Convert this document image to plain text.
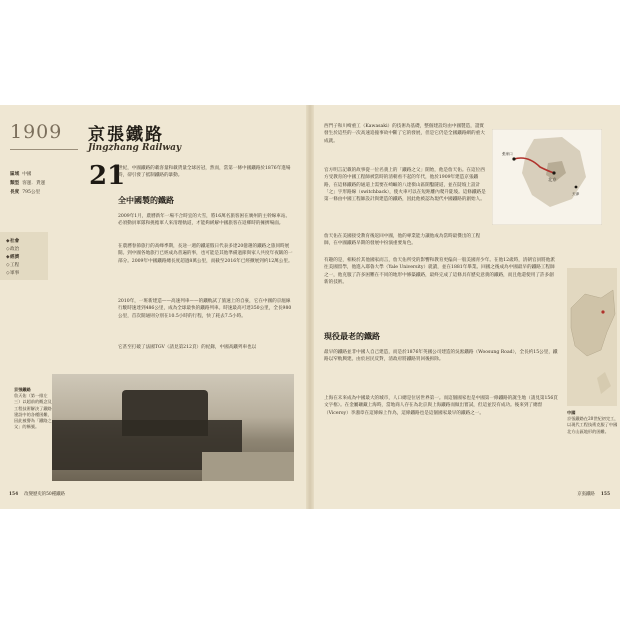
1909 京張鐵路
Jingzhang Railway
區域 中國
類型 客運．貨運
長度 795公里
◆社會
◇政治
◆經濟
◇工程
◇軍事
21
世紀，中國鐵路的載客量和載貨量全球居冠，然而，當第一條中國鐵路於1876年進場時，卻引發了抵制鐵路的暴動。
全中國製的鐵路
2009年1月，農曆新年一場不合時宜的大雪，將16萬名旅客困在廣州的主幹線車站。必須動員軍隊和挑擔軍人來清理軌道，才能夠緩解中國旅客在返鄉時的擁擠場面。
在農曆春節旅行的高峰季期，長途一週的鐵道假日代表多達20億趟的鐵路之旅同時展開。到中國各地旅行已經成為普遍的事，也可能是其他準備過節與家人共度年夜飯的一部分。2009年中國鐵路總長度超過8萬公里，而截至2016年已經擴展到約12萬公里。
2010年，一班新建造——高速列車——的鐵軌試了旅速上的自豪，它在中國的京滬線行駛時速達到486公里，成為全球最快的鐵路列車。時速最高可達350公里，全長980公里，首次開通則分別在10.5小時的行程，快了耗去7.5小時。
它甚至打破了法國TGV（請見第212頁）的紀錄，中國高鐵列車也以
京張鐵路
詹天佑（第一排左三）以超前的概念及工程技術解決了鐵路建設中的各種困難，因此被譽為「鐵路之父」的稱號。
154 改變歷史的50種鐵路
西門子和川崎重工（Kawasaki）的技術為基礎，整個建設均由中國製造，證實發生於這些的一次高速追撞事故中斷了它的發展，但是它仍是全國鐵路網的重大成就。
官方明言記載的故事從一位名義上的「鐵路之父」開始，他是詹天佑。在這位西方受教育的中國工程師被當時的清朝看不起的年代，他於1909年建造京張鐵路，在這條鐵路的通道上需要在崎嶇的八達嶺山區開鑿隧道，並在陡坡上設計「之」字形路線（switchback），使火車可以在短距離內爬升陡坡。這條鐵路是第一條由中國工程師設計與建造的鐵路，因此他被認為現代中國鐵路的創始人。
詹天佑在美國接受教育後返回中國，他的專業能力讓他成為當時最傑出的工程師，在中國鐵路早期的發展中扮演重要角色。
有趣的是，相較於其他國家而言，詹天佑所受的影響和教育更偏向一般美國青少年。在他12歲時，清朝官員將他派往美國留學，他進入耶魯大學（Yale University）就讀，並在1881年畢業。回國之後成為中國最早的鐵路工程師之一，他克服了許多困難在不同的地形中修築鐵路，最終完成了這條具有歷史意義的鐵路，而且他還使用了許多創新的技術。
現役最老的鐵路
最早的鐵路並非中國人自己建造，而是於1876年英國公司建造的吳淞鐵路（Woosung Road），全長約15公里，鐵路以窄軌興建。由於居民反對，清政府將鐵路買回後拆除。
上海在未來成為中國最大的城市，人口總是位居世界第一。而這個國家也是中國第一條鐵路的誕生地（請見第156頁文字框）。在金屬礦藏上海時，當地商人存在為北京與上海鐵路而做出嘗試，但這並沒有成功。後來到了總督（Viceroy）李鴻章在這條線上作為，這條鐵路也是這個國家最早的鐵路之一。
北京
張家口
天津
中國
京張鐵路在20世紀初完工，以現代工程技術克服了中國北方山區地形的困難。
京張鐵路 155
